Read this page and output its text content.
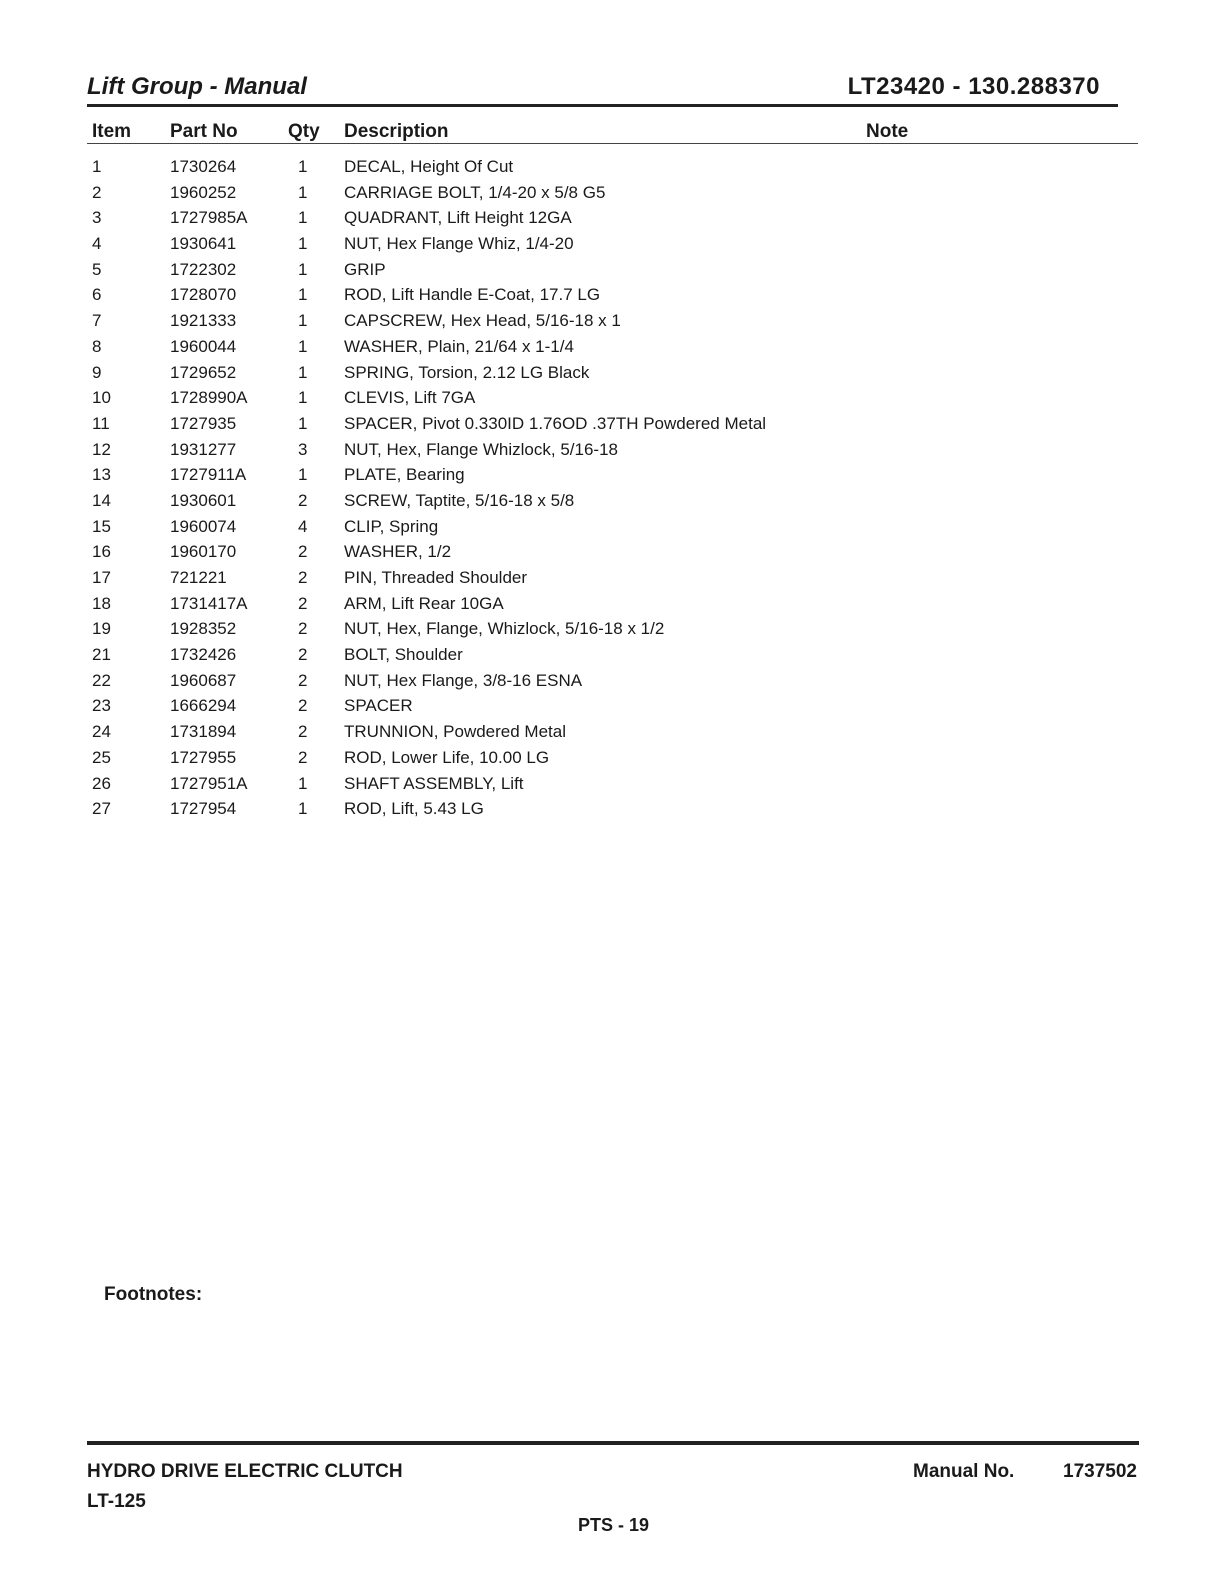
Lift Group - Manual	LT23420 - 130.288370
Item Part No	Qty Description	Note
1	1730264	1 DECAL, Height Of Cut
2	1960252	1 CARRIAGE BOLT, 1/4-20 x 5/8 G5
3	1727985A	1 QUADRANT, Lift Height 12GA
4	1930641	1 NUT, Hex Flange Whiz, 1/4-20
5	1722302	1 GRIP
6	1728070	1 ROD, Lift Handle E-Coat, 17.7 LG
7	1921333	1 CAPSCREW, Hex Head, 5/16-18 x 1
8	1960044	1 WASHER, Plain, 21/64 x 1-1/4
9	1729652	1 SPRING, Torsion, 2.12 LG Black
10	1728990A	1 CLEVIS, Lift 7GA
11	1727935	1 SPACER, Pivot 0.330ID 1.76OD .37TH Powdered Metal
12	1931277	3 NUT, Hex, Flange Whizlock, 5/16-18
13	1727911A	1 PLATE, Bearing
14	1930601	2 SCREW, Taptite, 5/16-18 x 5/8
15	1960074	4 CLIP, Spring
16	1960170	2 WASHER, 1/2
17	721221	2 PIN, Threaded Shoulder
18	1731417A	2 ARM, Lift Rear 10GA
19	1928352	2 NUT, Hex, Flange, Whizlock, 5/16-18 x 1/2
21	1732426	2 BOLT, Shoulder
22	1960687	2 NUT, Hex Flange, 3/8-16 ESNA
23	1666294	2 SPACER
24	1731894	2 TRUNNION, Powdered Metal
25	1727955	2 ROD, Lower Life, 10.00 LG
26	1727951A	1 SHAFT ASSEMBLY, Lift
27	1727954	1 ROD, Lift, 5.43 LG
Footnotes:
HYDRO DRIVE ELECTRIC CLUTCH
LT-125
PTS - 19
Manual No.	1737502
